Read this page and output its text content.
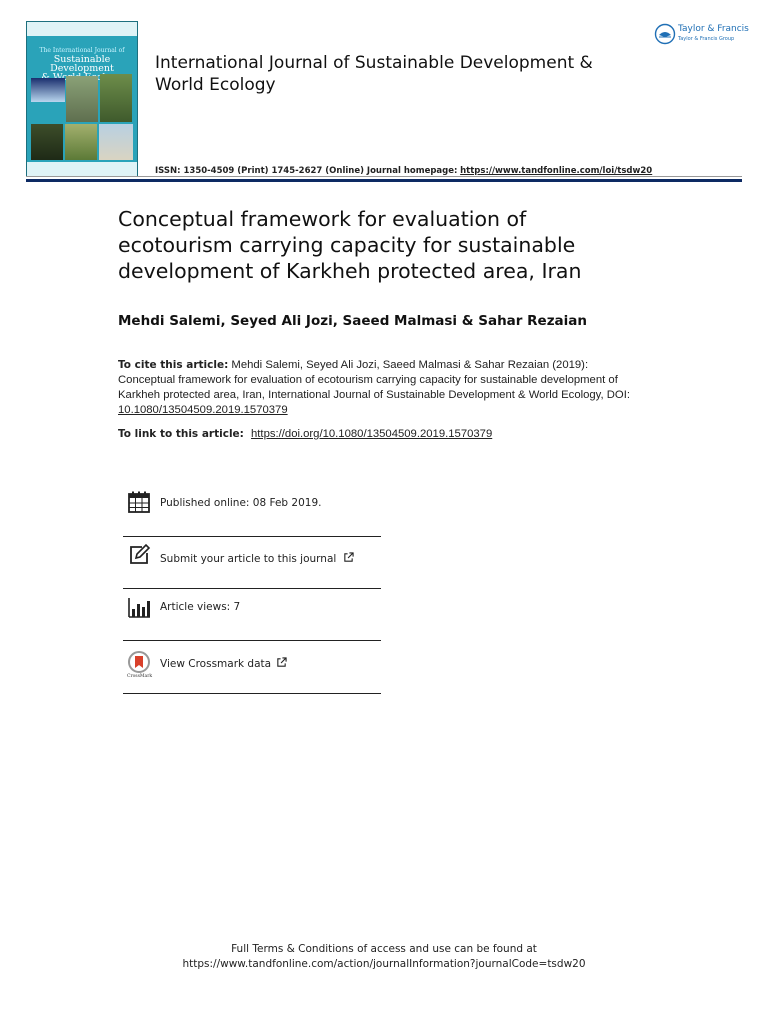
The International Journal of
Sustainable Development	International Journal of Sustainable Development & World Ecology
Taylor & Francis
Taylor & Francis Group
ISSN: 1350-4509 (Print) 1745-2627 (Online) Journal homepage: https://www.tandfonline.com/loi/tsdw20
Conceptual framework for evaluation of
ecotourism carrying capacity for sustainable
development of Karkheh protected area, Iran
Mehdi Salemi, Seyed Ali Jozi, Saeed Malmasi & Sahar Rezaian
To cite this article: Mehdi Salemi, Seyed Ali Jozi, Saeed Malmasi & Sahar Rezaian (2019): Conceptual framework for evaluation of ecotourism carrying capacity for sustainable development of Karkheh protected area, Iran, International Journal of Sustainable Development & World Ecology, DOI: 10.1080/13504509.2019.1570379
To link to this article: https://doi.org/10.1080/13504509.2019.1570379
Published online: 08 Feb 2019.
Submit your article to this journal
Article views: 7
CrossMark
View Crossmark data
Full Terms & Conditions of access and use can be found at
https://www.tandfonline.com/action/journalInformation?journalCode=tsdw20
